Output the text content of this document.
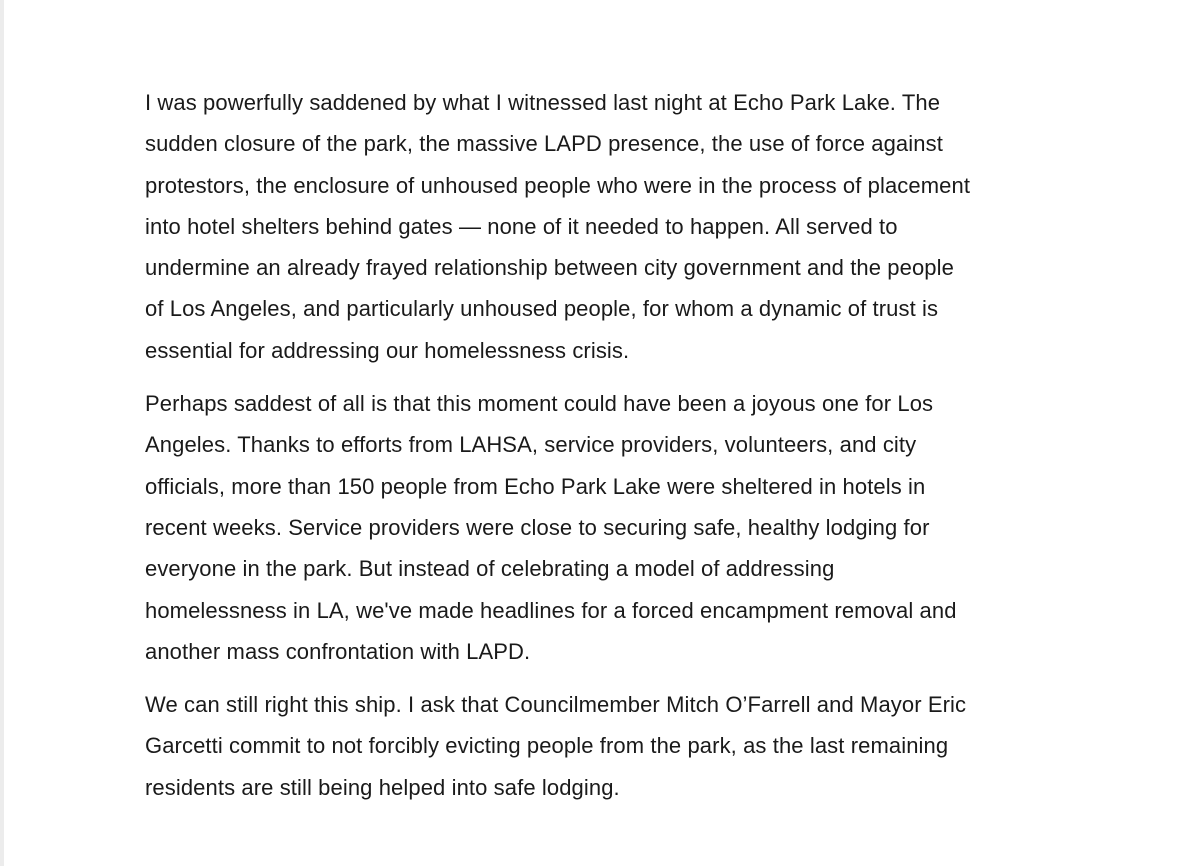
I was powerfully saddened by what I witnessed last night at Echo Park Lake. The
sudden closure of the park, the massive LAPD presence, the use of force against
protestors, the enclosure of unhoused people who were in the process of placement
into hotel shelters behind gates — none of it needed to happen. All served to
undermine an already frayed relationship between city government and the people
of Los Angeles, and particularly unhoused people, for whom a dynamic of trust is
essential for addressing our homelessness crisis.

Perhaps saddest of all is that this moment could have been a joyous one for Los
Angeles. Thanks to efforts from LAHSA, service providers, volunteers, and city
officials, more than 150 people from Echo Park Lake were sheltered in hotels in
recent weeks. Service providers were close to securing safe, healthy lodging for
everyone in the park. But instead of celebrating a model of addressing
homelessness in LA, we've made headlines for a forced encampment removal and
another mass confrontation with LAPD.

We can still right this ship. I ask that Councilmember Mitch O’Farrell and Mayor Eric
Garcetti commit to not forcibly evicting people from the park, as the last remaining
residents are still being helped into safe lodging.
